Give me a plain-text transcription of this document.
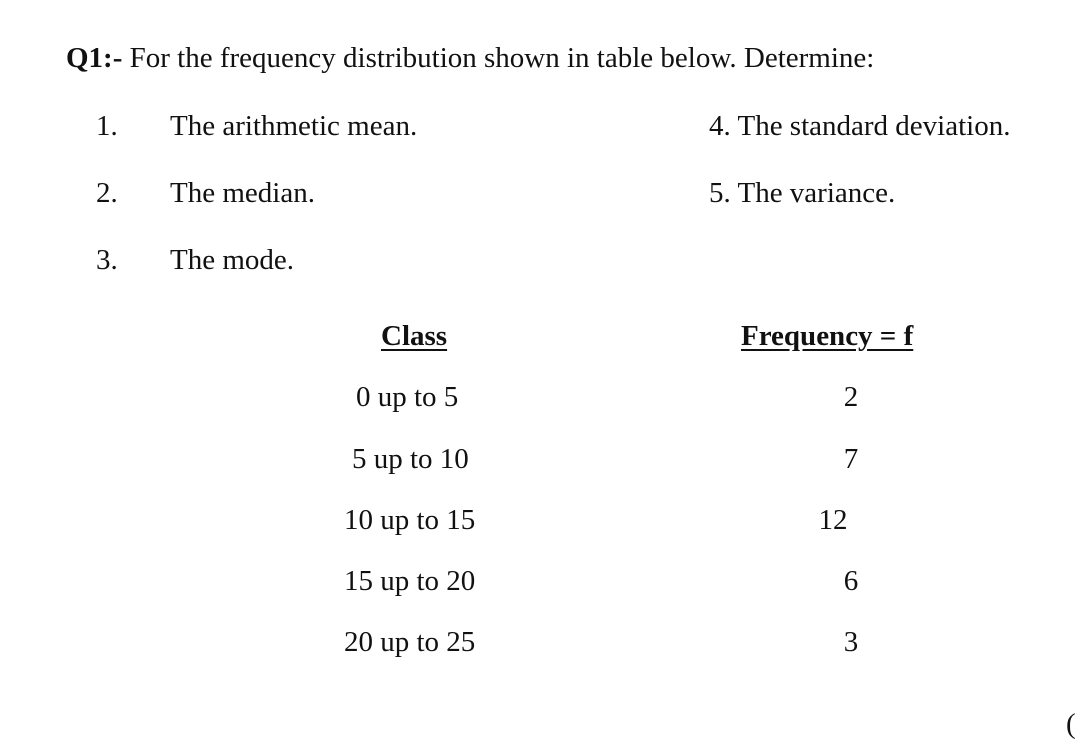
Q1:- For the frequency distribution shown in table below. Determine:
1. The arithmetic mean.
2. The median.
3. The mode.
4. The standard deviation.
5. The variance.
Class	Frequency = f
0 up to 5	2
5 up to 10	7
10 up to 15	12
15 up to 20	6
20 up to 25	3
(
